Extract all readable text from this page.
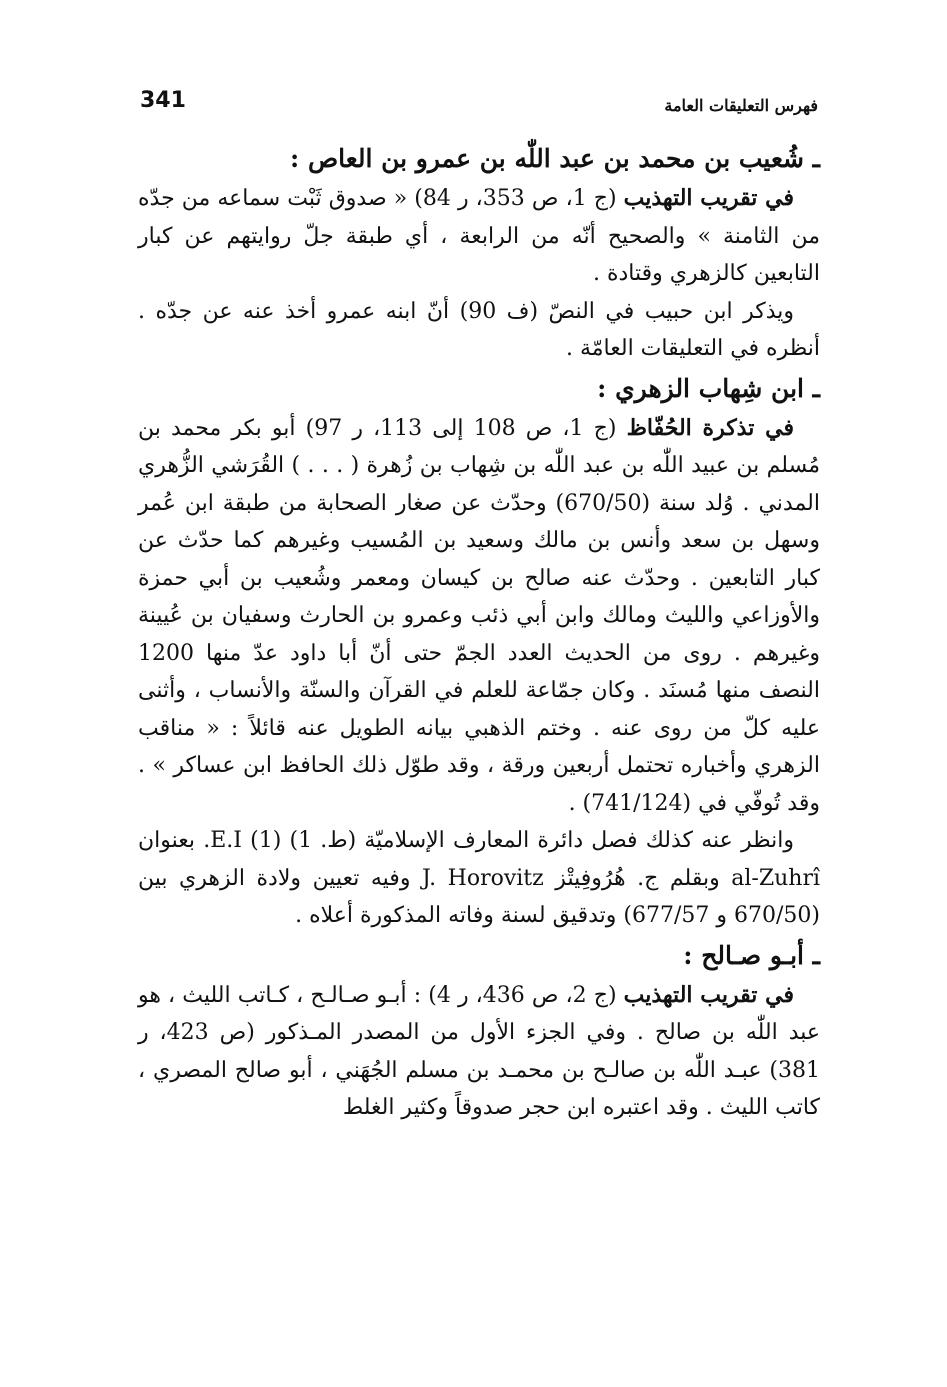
فهرس التعليقات العامة
341

ـ شُعيب بن محمد بن عبد اللّٰه بن عمرو بن العاص :

في تقريب التهذيب (ج 1، ص 353، ر 84) « صدوق ثَبْت سماعه من جدّه من الثامنة » والصحيح أنّه من الرابعة ، أي طبقة جلّ روايتهم عن كبار التابعين كالزهري وقتادة .

ويذكر ابن حبيب في النصّ (ف 90) أنّ ابنه عمرو أخذ عنه عن جدّه . أنظره في التعليقات العامّة .

ـ ابن شِهاب الزهري :

في تذكرة الحُفّاظ (ج 1، ص 108 إلى 113، ر 97) أبو بكر محمد بن مُسلم بن عبيد اللّٰه بن عبد اللّٰه بن شِهاب بن زُهرة ( . . . ) القُرَشي الزُّهري المدني . وُلد سنة (670/50) وحدّث عن صغار الصحابة من طبقة ابن عُمر وسهل بن سعد وأنس بن مالك وسعيد بن المُسيب وغيرهم كما حدّث عن كبار التابعين . وحدّث عنه صالح بن كيسان ومعمر وشُعيب بن أبي حمزة والأوزاعي والليث ومالك وابن أبي ذئب وعمرو بن الحارث وسفيان بن عُيينة وغيرهم . روى من الحديث العدد الجمّ حتى أنّ أبا داود عدّ منها 1200 النصف منها مُسنَد . وكان جمّاعة للعلم في القرآن والسنّة والأنساب ، وأثنى عليه كلّ من روى عنه . وختم الذهبي بيانه الطويل عنه قائلاً : « مناقب الزهري وأخباره تحتمل أربعين ورقة ، وقد طوّل ذلك الحافظ ابن عساكر » . وقد تُوفّي في (741/124) .

وانظر عنه كذلك فصل دائرة المعارف الإسلاميّة (ط. 1) (1) E.I. بعنوان al-Zuhrî وبقلم ج. هُرُوفِيتْز J. Horovitz وفيه تعيين ولادة الزهري بين (670/50 و 677/57) وتدقيق لسنة وفاته المذكورة أعلاه .

ـ أبـو صـالح :

في تقريب التهذيب (ج 2، ص 436، ر 4) : أبـو صـالـح ، كـاتب الليث ، هو عبد اللّٰه بن صالح . وفي الجزء الأول من المصدر المـذكور (ص 423، ر 381) عبـد اللّٰه بن صالـح بن محمـد بن مسلم الجُهَني ، أبو صالح المصري ، كاتب الليث . وقد اعتبره ابن حجر صدوقاً وكثير الغلط
